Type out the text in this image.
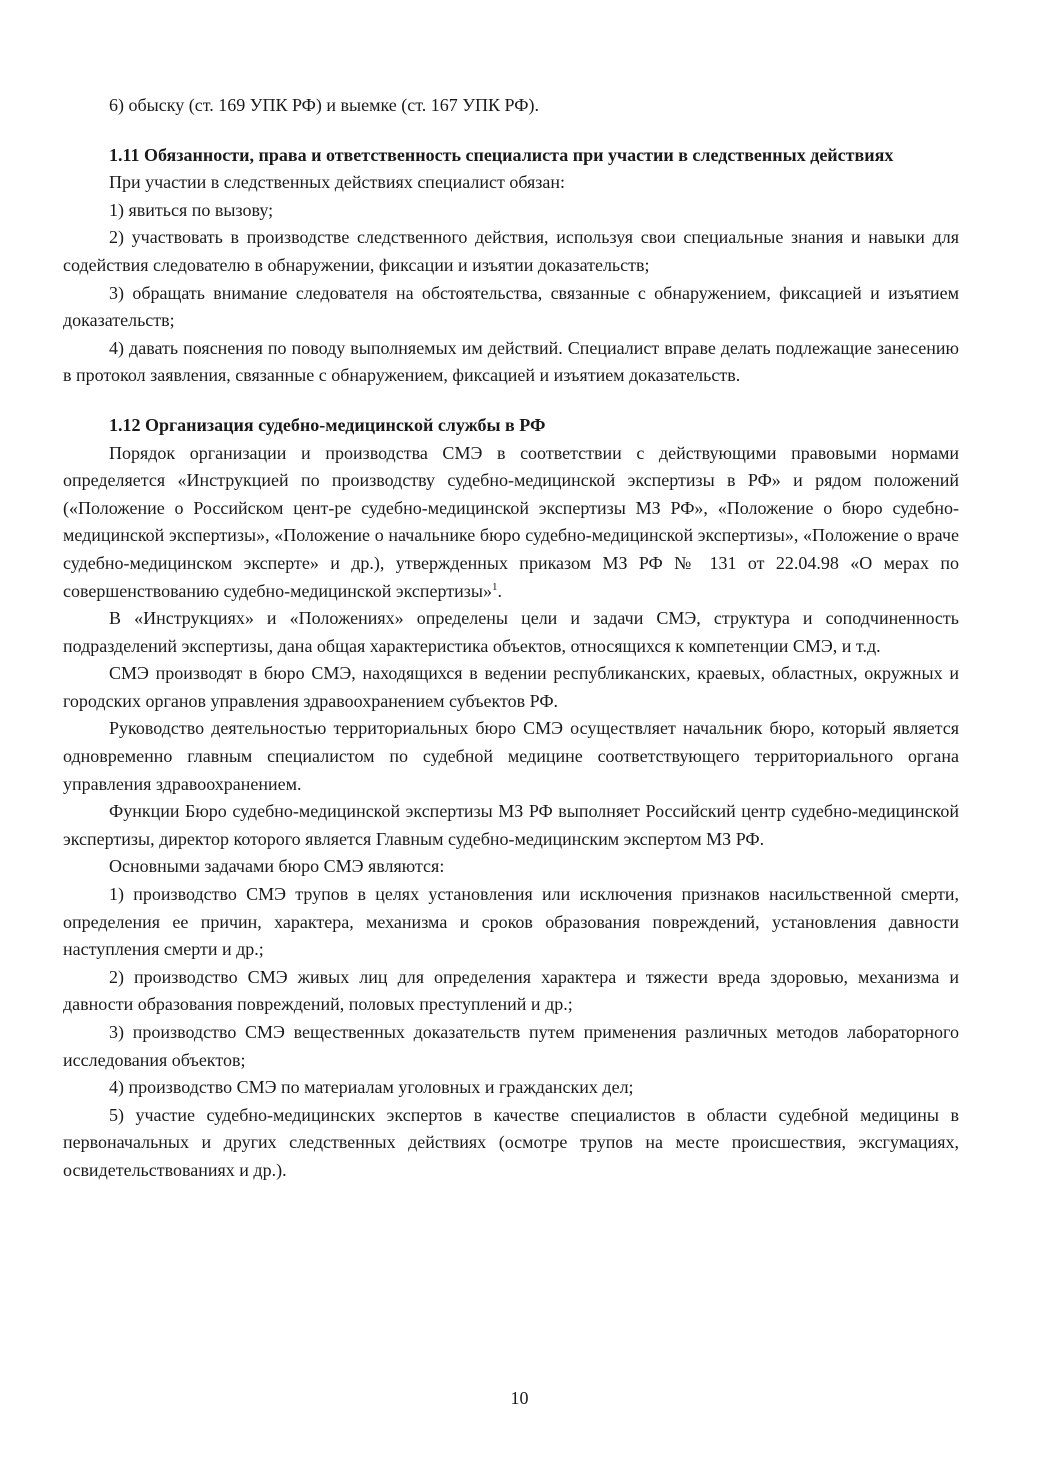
6) обыску (ст. 169 УПК РФ) и выемке (ст. 167 УПК РФ).

1.11 Обязанности, права и ответственность специалиста при участии в следственных действиях

При участии в следственных действиях специалист обязан:

1) явиться по вызову;

2) участвовать в производстве следственного действия, используя свои специальные знания и навыки для содействия следователю в обнаружении, фиксации и изъятии доказательств;

3) обращать внимание следователя на обстоятельства, связанные с обнаружением, фиксацией и изъятием доказательств;

4) давать пояснения по поводу выполняемых им действий. Специалист вправе делать подлежащие занесению в протокол заявления, связанные с обнаружением, фиксацией и изъятием доказательств.

1.12 Организация судебно-медицинской службы в РФ

Порядок организации и производства СМЭ в соответствии с действующими правовыми нормами определяется «Инструкцией по производству судебно-медицинской экспертизы в РФ» и рядом положений («Положение о Российском цент-ре судебно-медицинской экспертизы МЗ РФ», «Положение о бюро судебно-медицинской экспертизы», «Положение о начальнике бюро судебно-медицинской экспертизы», «Положение о враче судебно-медицинском эксперте» и др.), утвержденных приказом МЗ РФ № 131 от 22.04.98 «О мерах по совершенствованию судебно-медицинской экспертизы»$^1$.

В «Инструкциях» и «Положениях» определены цели и задачи СМЭ, структура и соподчиненность подразделений экспертизы, дана общая характеристика объектов, относящихся к компетенции СМЭ, и т.д.

СМЭ производят в бюро СМЭ, находящихся в ведении республиканских, краевых, областных, окружных и городских органов управления здравоохранением субъектов РФ.

Руководство деятельностью территориальных бюро СМЭ осуществляет начальник бюро, который является одновременно главным специалистом по судебной медицине соответствующего территориального органа управления здравоохранением.

Функции Бюро судебно-медицинской экспертизы МЗ РФ выполняет Российский центр судебно-медицинской экспертизы, директор которого является Главным судебно-медицинским экспертом МЗ РФ.

Основными задачами бюро СМЭ являются:

1) производство СМЭ трупов в целях установления или исключения признаков насильственной смерти, определения ее причин, характера, механизма и сроков образования повреждений, установления давности наступления смерти и др.;

2) производство СМЭ живых лиц для определения характера и тяжести вреда здоровью, механизма и давности образования повреждений, половых преступлений и др.;

3) производство СМЭ вещественных доказательств путем применения различных методов лабораторного исследования объектов;

4) производство СМЭ по материалам уголовных и гражданских дел;

5) участие судебно-медицинских экспертов в качестве специалистов в области судебной медицины в первоначальных и других следственных действиях (осмотре трупов на месте происшествия, эксгумациях, освидетельствованиях и др.).

10
